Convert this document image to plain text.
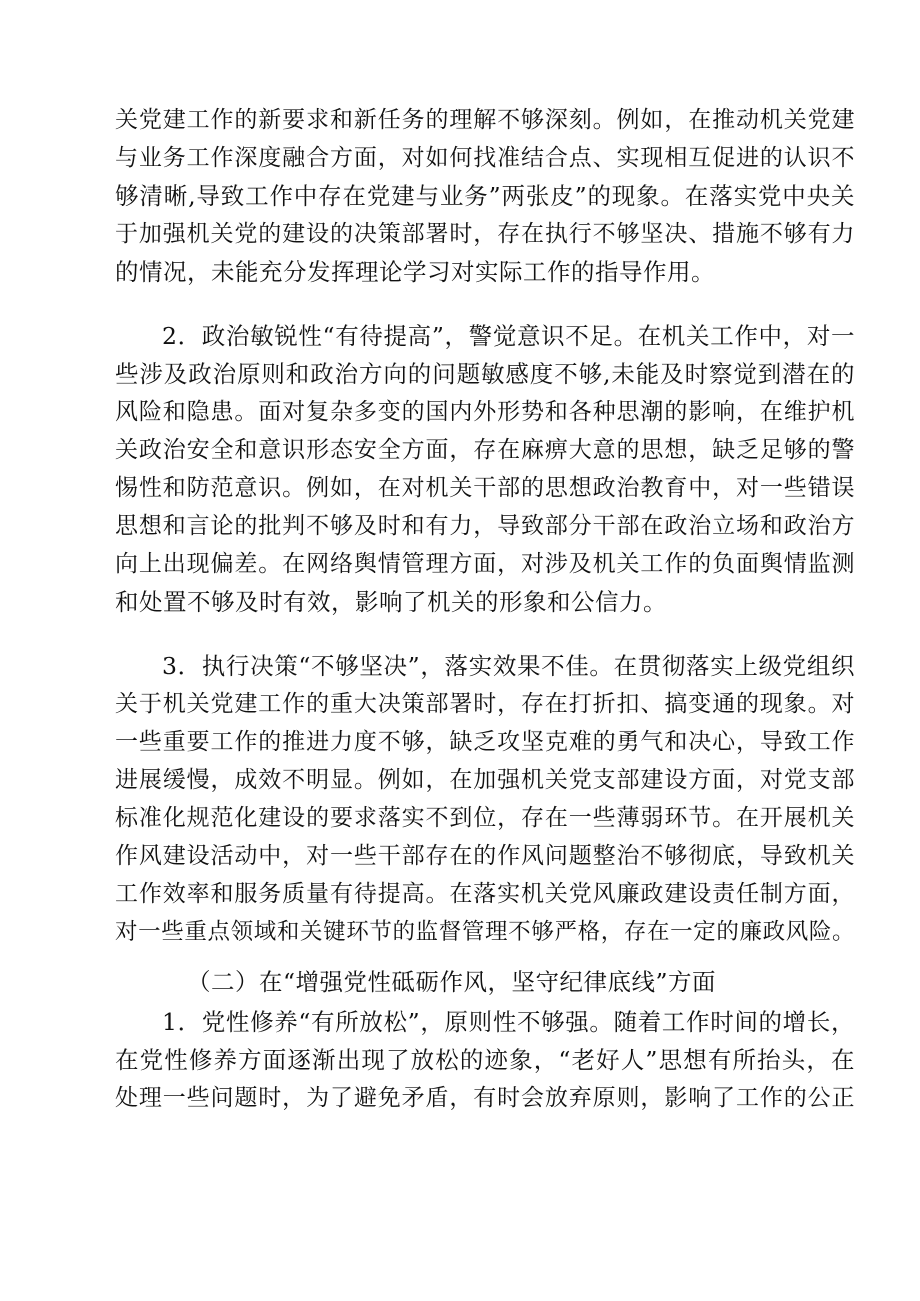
关党建工作的新要求和新任务的理解不够深刻。例如，在推动机关党建
与业务工作深度融合方面，对如何找准结合点、实现相互促进的认识不
够清晰,导致工作中存在党建与业务”两张皮”的现象。在落实党中央关
于加强机关党的建设的决策部署时，存在执行不够坚决、措施不够有力
的情况，未能充分发挥理论学习对实际工作的指导作用。
2．政治敏锐性“有待提高”，警觉意识不足。在机关工作中，对一
些涉及政治原则和政治方向的问题敏感度不够,未能及时察觉到潜在的
风险和隐患。面对复杂多变的国内外形势和各种思潮的影响，在维护机
关政治安全和意识形态安全方面，存在麻痹大意的思想，缺乏足够的警
惕性和防范意识。例如，在对机关干部的思想政治教育中，对一些错误
思想和言论的批判不够及时和有力，导致部分干部在政治立场和政治方
向上出现偏差。在网络舆情管理方面，对涉及机关工作的负面舆情监测
和处置不够及时有效，影响了机关的形象和公信力。
3．执行决策“不够坚决”，落实效果不佳。在贯彻落实上级党组织
关于机关党建工作的重大决策部署时，存在打折扣、搞变通的现象。对
一些重要工作的推进力度不够，缺乏攻坚克难的勇气和决心，导致工作
进展缓慢，成效不明显。例如，在加强机关党支部建设方面，对党支部
标准化规范化建设的要求落实不到位，存在一些薄弱环节。在开展机关
作风建设活动中，对一些干部存在的作风问题整治不够彻底，导致机关
工作效率和服务质量有待提高。在落实机关党风廉政建设责任制方面，
对一些重点领域和关键环节的监督管理不够严格，存在一定的廉政风险。
（二）在“增强党性砥砺作风，坚守纪律底线”方面
1．党性修养“有所放松”，原则性不够强。随着工作时间的增长，
在党性修养方面逐渐出现了放松的迹象，“老好人”思想有所抬头，在
处理一些问题时，为了避免矛盾，有时会放弃原则，影响了工作的公正
